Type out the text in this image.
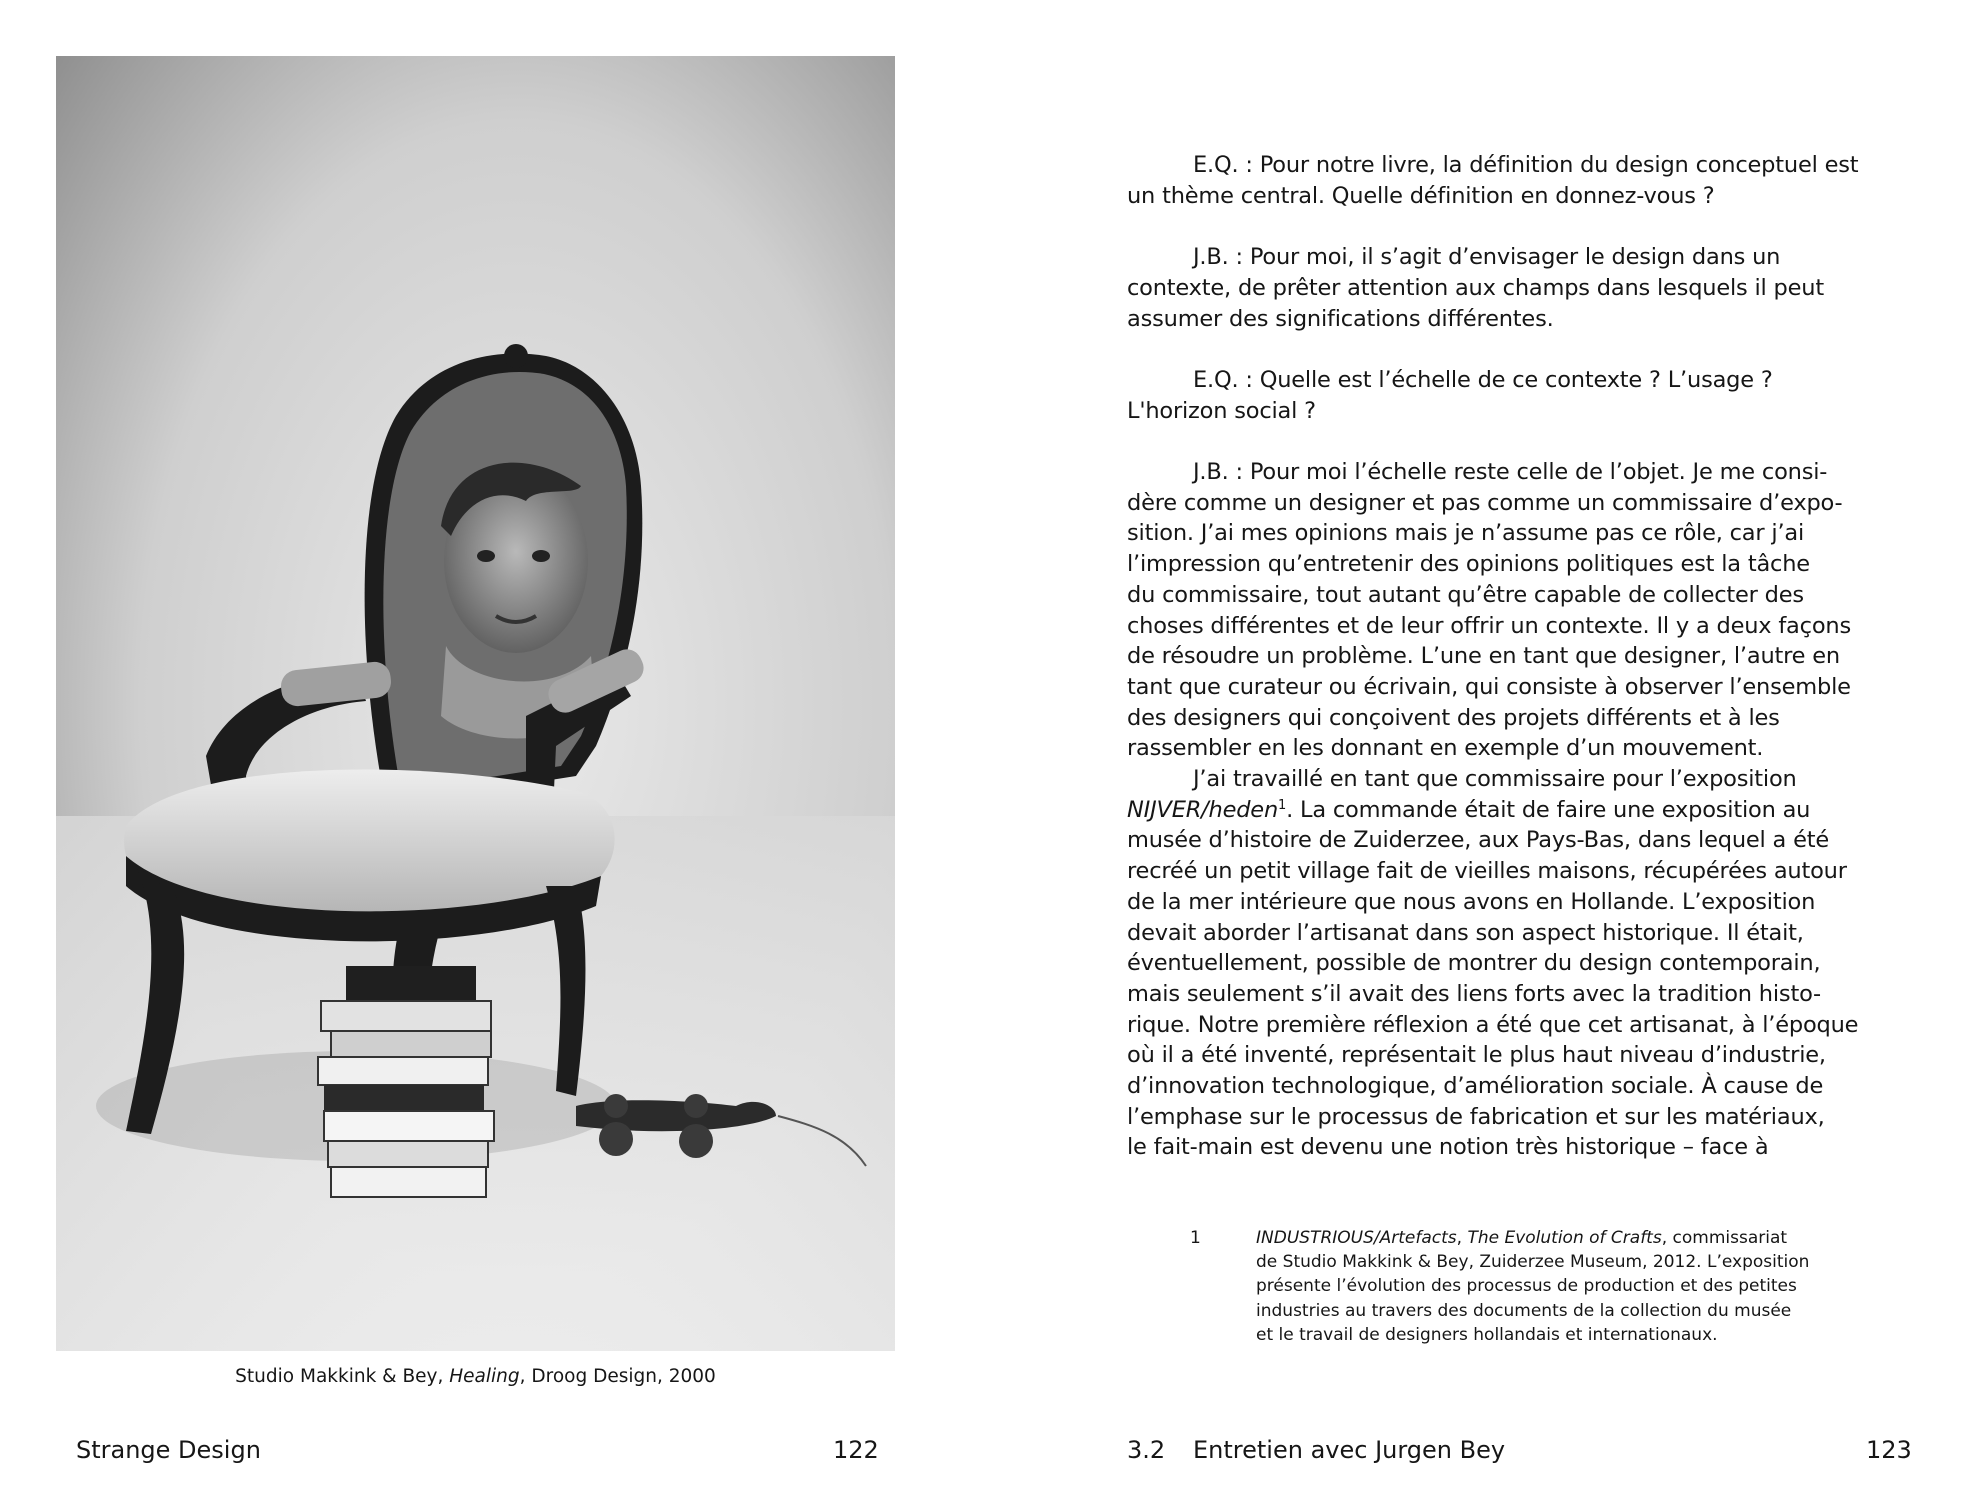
Studio Makkink & Bey, Healing, Droog Design, 2000
Strange Design	122
E.Q. : Pour notre livre, la définition du design conceptuel est
un thème central. Quelle définition en donnez-vous ?
J.B. : Pour moi, il s’agit d’envisager le design dans un
contexte, de prêter attention aux champs dans lesquels il peut
assumer des significations différentes.
E.Q. : Quelle est l’échelle de ce contexte ? L’usage ?
L'horizon social ?
J.B. : Pour moi l’échelle reste celle de l’objet. Je me consi-
dère comme un designer et pas comme un commissaire d’expo-
sition. J’ai mes opinions mais je n’assume pas ce rôle, car j’ai
l’impression qu’entretenir des opinions politiques est la tâche
du commissaire, tout autant qu’être capable de collecter des
choses différentes et de leur offrir un contexte. Il y a deux façons
de résoudre un problème. L’une en tant que designer, l’autre en
tant que curateur ou écrivain, qui consiste à observer l’ensemble
des designers qui conçoivent des projets différents et à les
rassembler en les donnant en exemple d’un mouvement.
J’ai travaillé en tant que commissaire pour l’exposition
NIJVER/heden$^1$. La commande était de faire une exposition au
musée d’histoire de Zuiderzee, aux Pays-Bas, dans lequel a été
recréé un petit village fait de vieilles maisons, récupérées autour
de la mer intérieure que nous avons en Hollande. L’exposition
devait aborder l’artisanat dans son aspect historique. Il était,
éventuellement, possible de montrer du design contemporain,
mais seulement s’il avait des liens forts avec la tradition histo-
rique. Notre première réflexion a été que cet artisanat, à l’époque
où il a été inventé, représentait le plus haut niveau d’industrie,
d’innovation technologique, d’amélioration sociale. À cause de
l’emphase sur le processus de fabrication et sur les matériaux,
le fait-main est devenu une notion très historique – face à
1	INDUSTRIOUS/Artefacts, The Evolution of Crafts, commissariat
de Studio Makkink & Bey, Zuiderzee Museum, 2012. L’exposition
présente l’évolution des processus de production et des petites
industries au travers des documents de la collection du musée
et le travail de designers hollandais et internationaux.
3.2 Entretien avec Jurgen Bey	123
